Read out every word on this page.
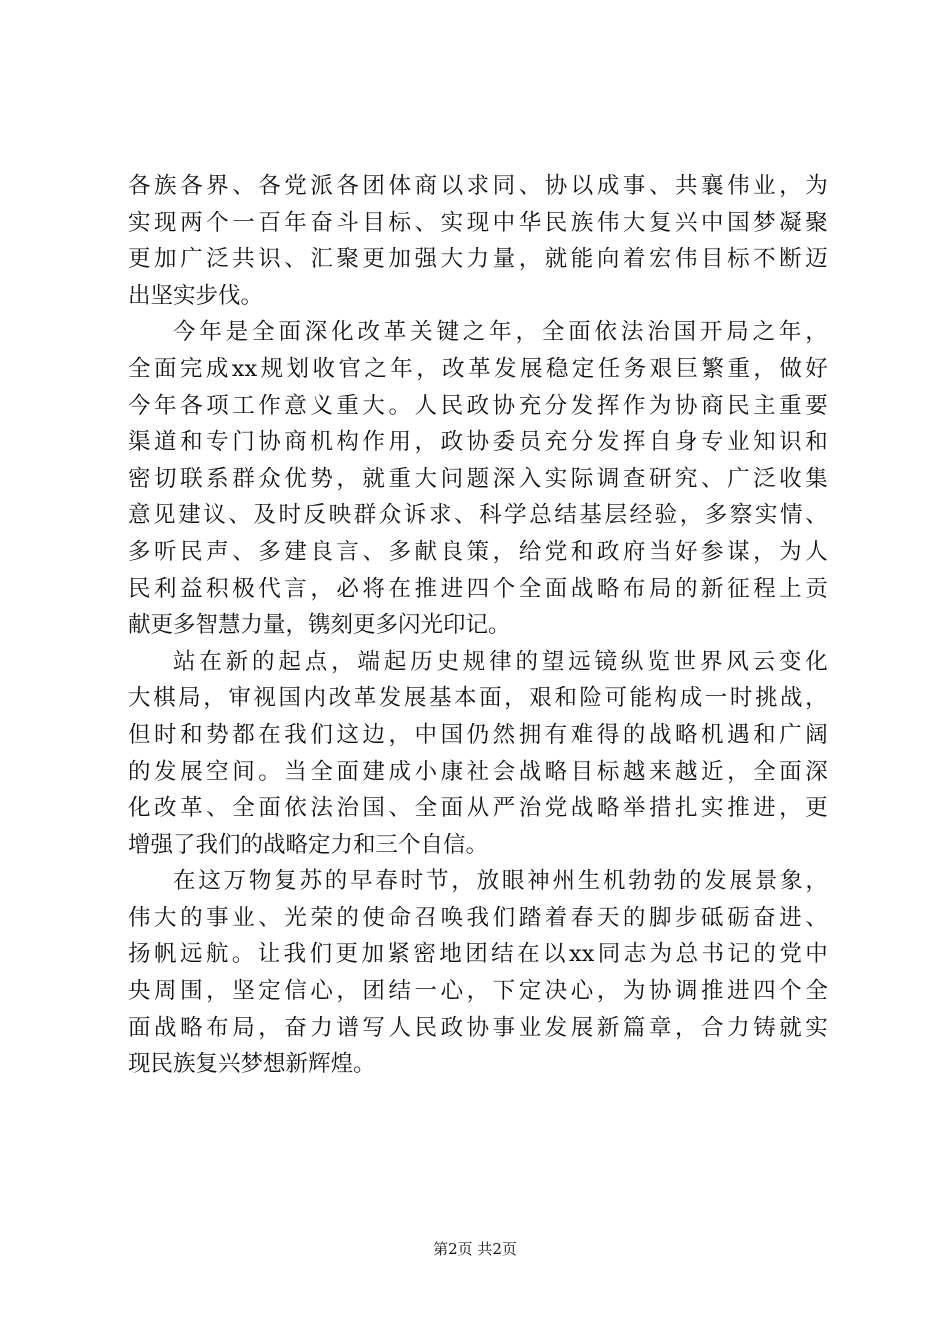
各 族 各 界 、 各 党 派 各 团 体 商 以 求 同 、 协 以 成 事 、 共 襄 伟 业 ， 为
实 现 两 个 一 百 年 奋 斗 目 标 、 实 现 中 华 民 族 伟 大 复 兴 中 国 梦 凝 聚
更 加 广 泛 共 识 、 汇 聚 更 加 强 大 力 量 ， 就 能 向 着 宏 伟 目 标 不 断 迈
出坚实步伐。
今 年 是 全 面 深 化 改 革 关 键 之 年 ， 全 面 依 法 治 国 开 局 之 年 ，
全 面 完 成 xx 规 划 收 官 之 年 ， 改 革 发 展 稳 定 任 务 艰 巨 繁 重 ， 做 好
今 年 各 项 工 作 意 义 重 大 。 人 民 政 协 充 分 发 挥 作 为 协 商 民 主 重 要
渠 道 和 专 门 协 商 机 构 作 用 ， 政 协 委 员 充 分 发 挥 自 身 专 业 知 识 和
密 切 联 系 群 众 优 势 ， 就 重 大 问 题 深 入 实 际 调 查 研 究 、 广 泛 收 集
意 见 建 议 、 及 时 反 映 群 众 诉 求 、 科 学 总 结 基 层 经 验 ， 多 察 实 情 、
多 听 民 声 、 多 建 良 言 、 多 献 良 策 ， 给 党 和 政 府 当 好 参 谋 ， 为 人
民 利 益 积 极 代 言 ， 必 将 在 推 进 四 个 全 面 战 略 布 局 的 新 征 程 上 贡
献更多智慧力量，镌刻更多闪光印记。
站 在 新 的 起 点 ， 端 起 历 史 规 律 的 望 远 镜 纵 览 世 界 风 云 变 化
大 棋 局 ， 审 视 国 内 改 革 发 展 基 本 面 ， 艰 和 险 可 能 构 成 一 时 挑 战 ，
但 时 和 势 都 在 我 们 这 边 ， 中 国 仍 然 拥 有 难 得 的 战 略 机 遇 和 广 阔
的 发 展 空 间 。 当 全 面 建 成 小 康 社 会 战 略 目 标 越 来 越 近 ， 全 面 深
化 改 革 、 全 面 依 法 治 国 、 全 面 从 严 治 党 战 略 举 措 扎 实 推 进 ， 更
增强了我们的战略定力和三个自信。
在 这 万 物 复 苏 的 早 春 时 节 ， 放 眼 神 州 生 机 勃 勃 的 发 展 景 象 ，
伟 大 的 事 业 、 光 荣 的 使 命 召 唤 我 们 踏 着 春 天 的 脚 步 砥 砺 奋 进 、
扬 帆 远 航 。 让 我 们 更 加 紧 密 地 团 结 在 以 xx 同 志 为 总 书 记 的 党 中
央 周 围 ， 坚 定 信 心 ， 团 结 一 心 ， 下 定 决 心 ， 为 协 调 推 进 四 个 全
面 战 略 布 局 ， 奋 力 谱 写 人 民 政 协 事 业 发 展 新 篇 章 ， 合 力 铸 就 实
现民族复兴梦想新辉煌。
第2页 共2页
